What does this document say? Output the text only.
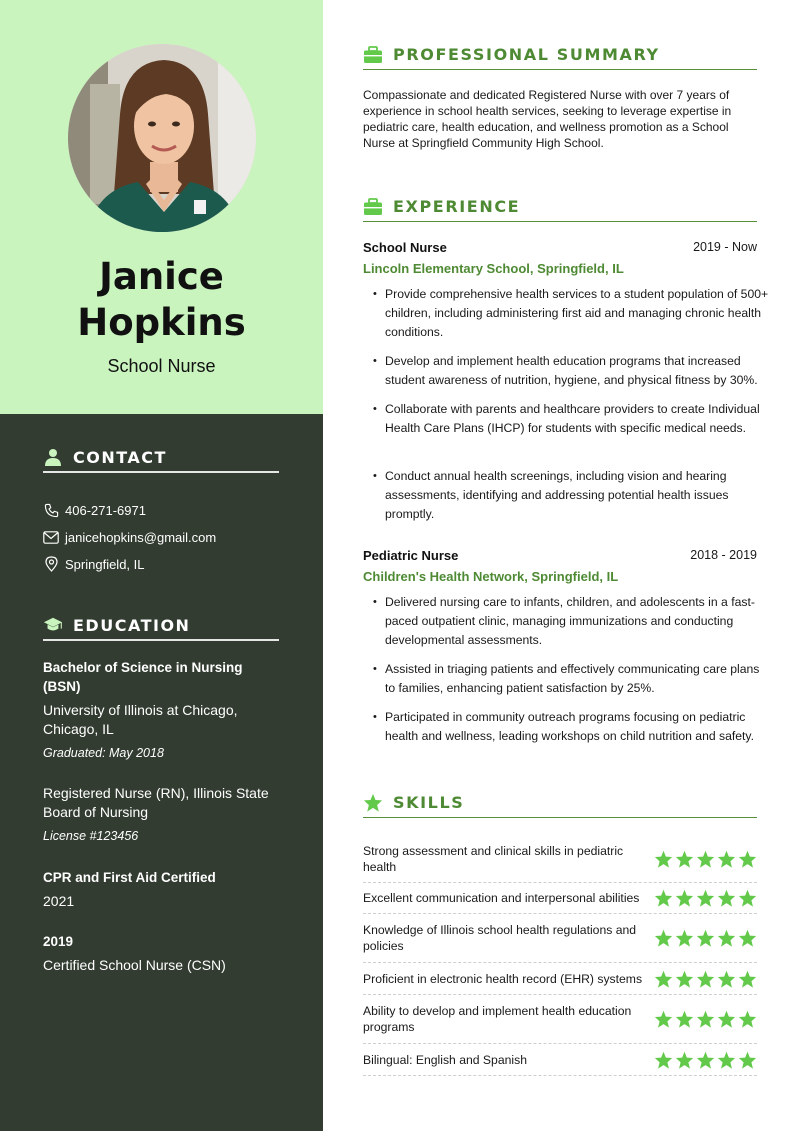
Janice
Hopkins
School Nurse
CONTACT
406-271-6971
janicehopkins@gmail.com
Springfield, IL
EDUCATION
Bachelor of Science in Nursing (BSN)
University of Illinois at Chicago, Chicago, IL
Graduated: May 2018
Registered Nurse (RN), Illinois State Board of Nursing
License #123456
CPR and First Aid Certified
2021
2019
Certified School Nurse (CSN)
PROFESSIONAL SUMMARY
Compassionate and dedicated Registered Nurse with over 7 years of experience in school health services, seeking to leverage expertise in pediatric care, health education, and wellness promotion as a School Nurse at Springfield Community High School.
EXPERIENCE
School Nurse	2019 - Now
Lincoln Elementary School, Springfield, IL
• Provide comprehensive health services to a student population of 500+ children, including administering first aid and managing chronic health conditions.
• Develop and implement health education programs that increased student awareness of nutrition, hygiene, and physical fitness by 30%.
• Collaborate with parents and healthcare providers to create Individual Health Care Plans (IHCP) for students with specific medical needs.
• Conduct annual health screenings, including vision and hearing assessments, identifying and addressing potential health issues promptly.
Pediatric Nurse	2018 - 2019
Children's Health Network, Springfield, IL
• Delivered nursing care to infants, children, and adolescents in a fast-paced outpatient clinic, managing immunizations and conducting developmental assessments.
• Assisted in triaging patients and effectively communicating care plans to families, enhancing patient satisfaction by 25%.
• Participated in community outreach programs focusing on pediatric health and wellness, leading workshops on child nutrition and safety.
SKILLS
Strong assessment and clinical skills in pediatric health
Excellent communication and interpersonal abilities
Knowledge of Illinois school health regulations and policies
Proficient in electronic health record (EHR) systems
Ability to develop and implement health education programs
Bilingual: English and Spanish
